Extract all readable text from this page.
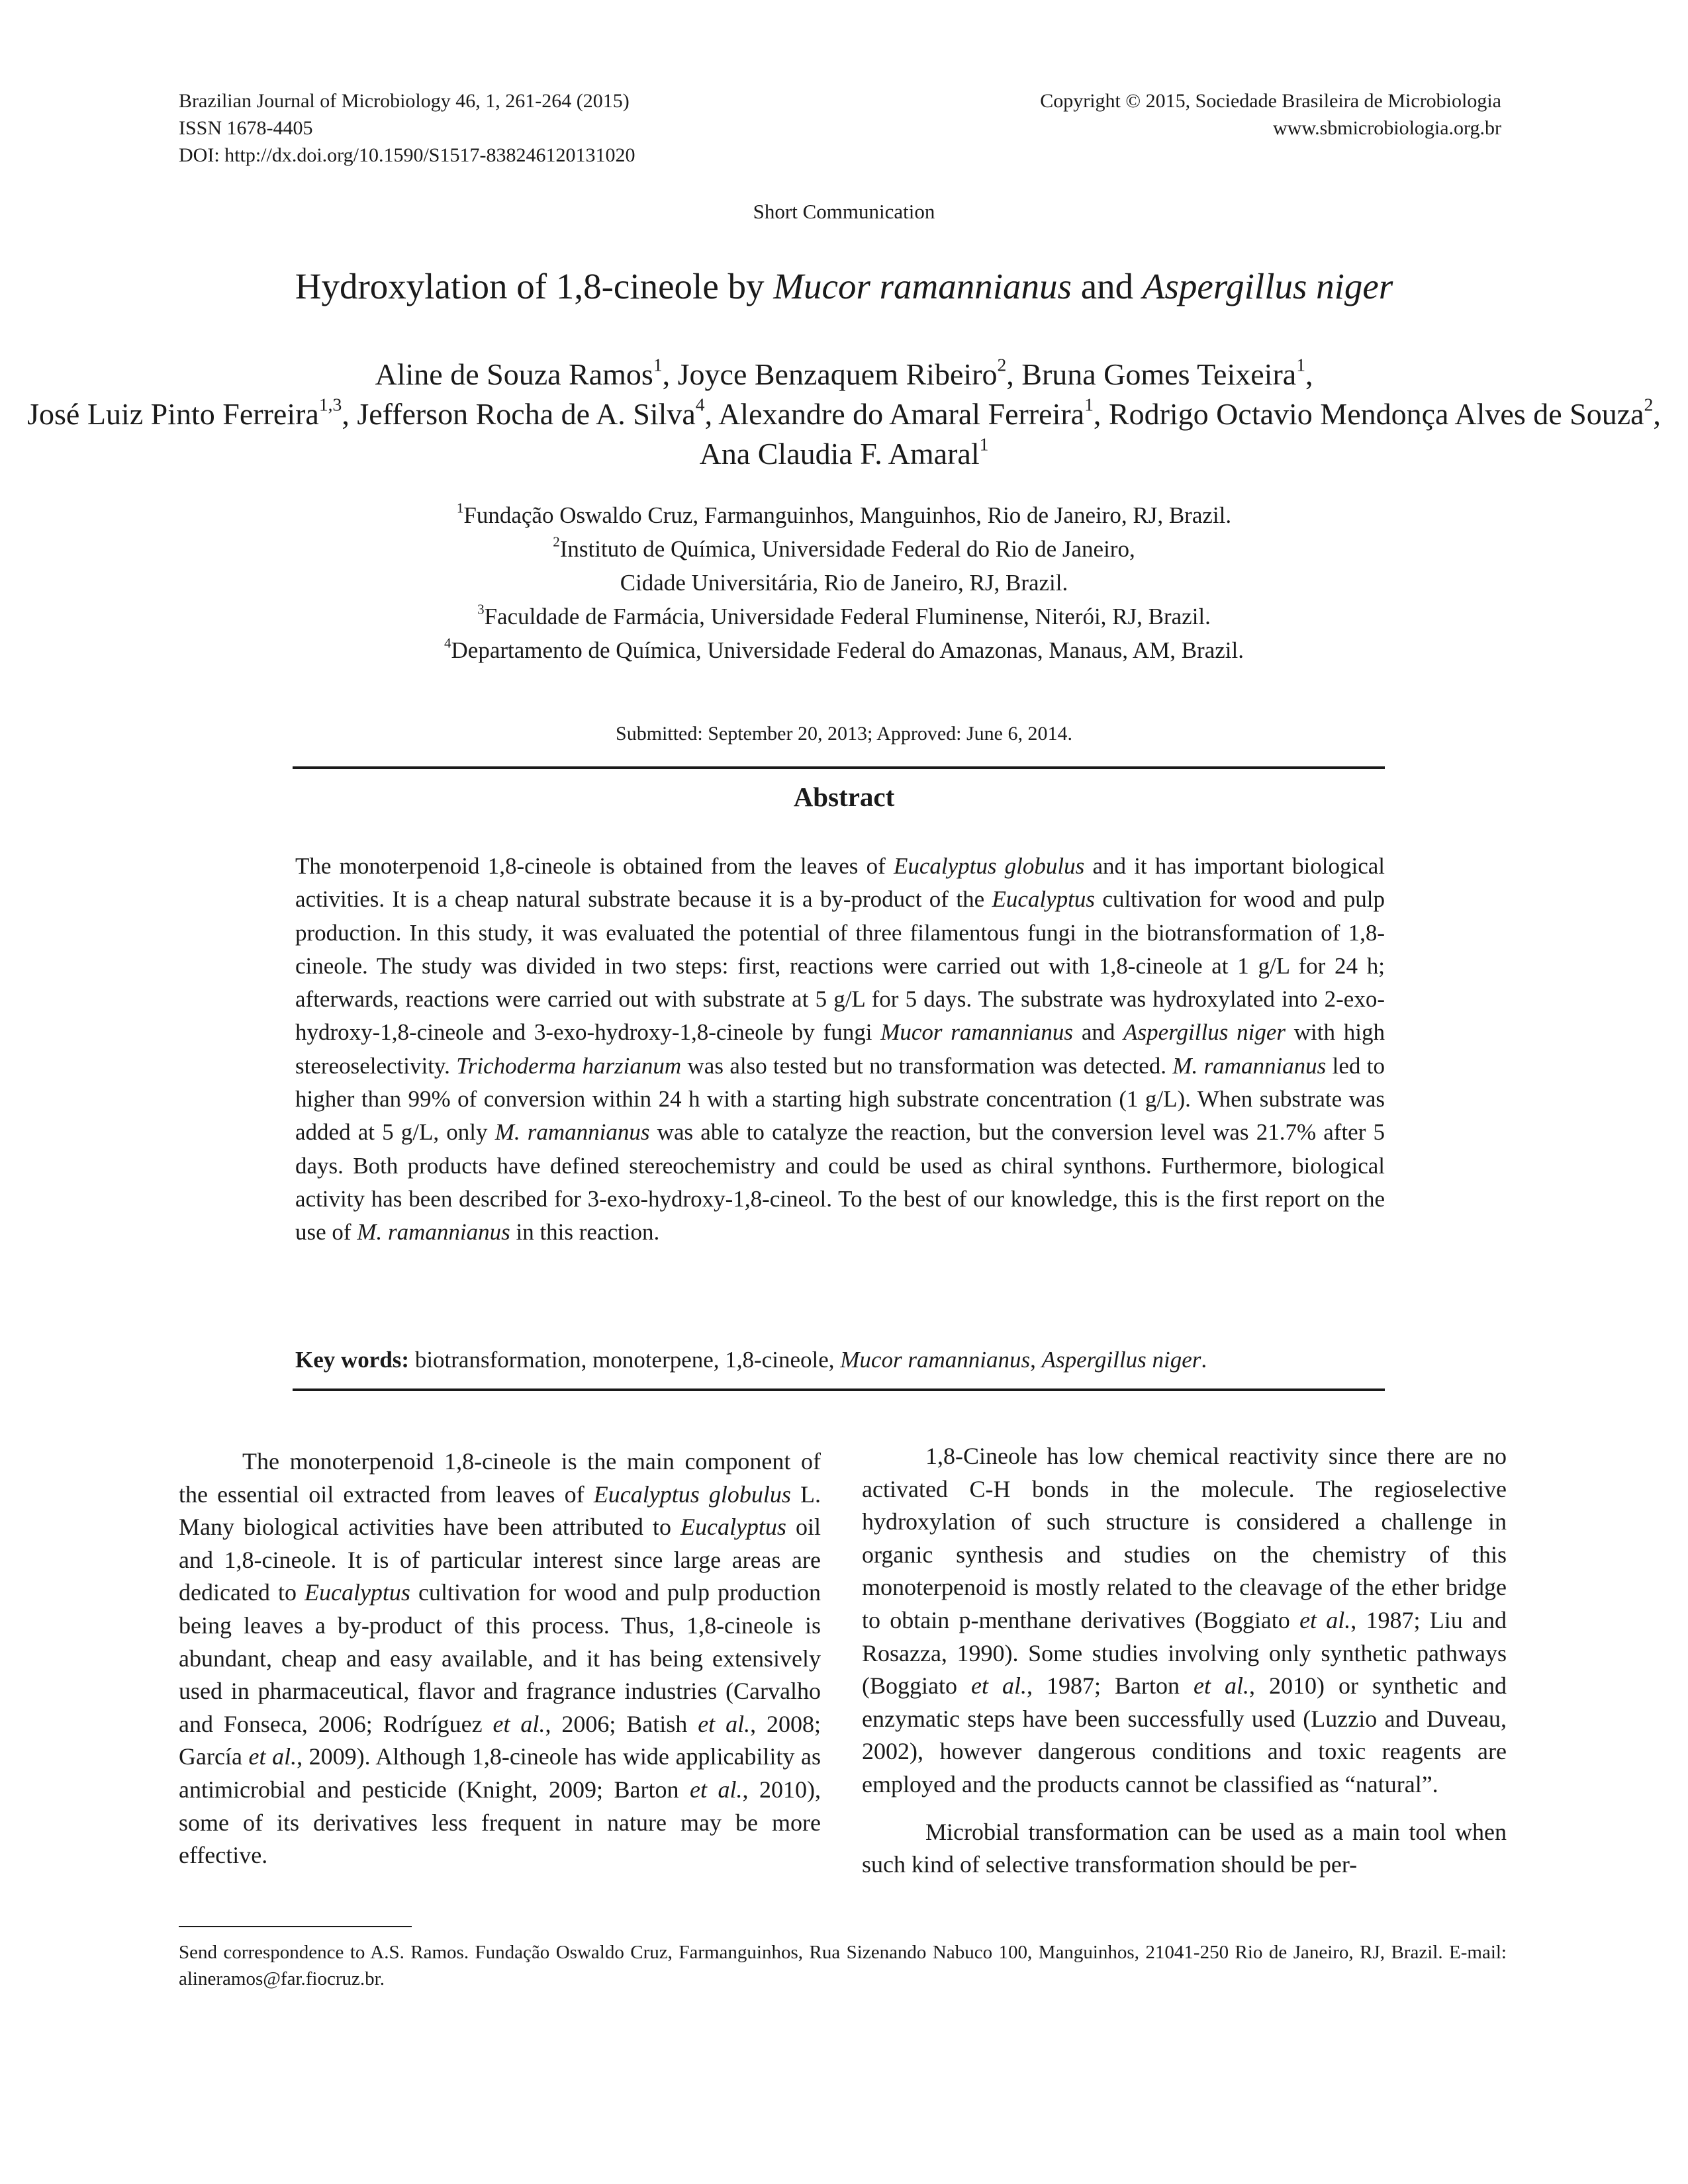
Brazilian Journal of Microbiology 46, 1, 261-264 (2015)
ISSN 1678-4405
DOI: http://dx.doi.org/10.1590/S1517-838246120131020
Copyright © 2015, Sociedade Brasileira de Microbiologia
www.sbmicrobiologia.org.br
Short Communication
Hydroxylation of 1,8-cineole by Mucor ramannianus and Aspergillus niger
Aline de Souza Ramos$^1$, Joyce Benzaquem Ribeiro$^2$, Bruna Gomes Teixeira$^1$,
José Luiz Pinto Ferreira$^{1,3}$, Jefferson Rocha de A. Silva$^4$, Alexandre do Amaral Ferreira$^1$, Rodrigo Octavio Mendonça Alves de Souza$^2$, Ana Claudia F. Amaral$^1$
$^1$Fundação Oswaldo Cruz, Farmanguinhos, Manguinhos, Rio de Janeiro, RJ, Brazil.
$^2$Instituto de Química, Universidade Federal do Rio de Janeiro,
Cidade Universitária, Rio de Janeiro, RJ, Brazil.
$^3$Faculdade de Farmácia, Universidade Federal Fluminense, Niterói, RJ, Brazil.
$^4$Departamento de Química, Universidade Federal do Amazonas, Manaus, AM, Brazil.
Submitted: September 20, 2013; Approved: June 6, 2014.
Abstract
The monoterpenoid 1,8-cineole is obtained from the leaves of Eucalyptus globulus and it has important biological activities. It is a cheap natural substrate because it is a by-product of the Eucalyptus cultivation for wood and pulp production. In this study, it was evaluated the potential of three filamentous fungi in the biotransformation of 1,8-cineole. The study was divided in two steps: first, reactions were carried out with 1,8-cineole at 1 g/L for 24 h; afterwards, reactions were carried out with substrate at 5 g/L for 5 days. The substrate was hydroxylated into 2-exo-hydroxy-1,8-cineole and 3-exo-hydroxy-1,8-cineole by fungi Mucor ramannianus and Aspergillus niger with high stereoselectivity. Trichoderma harzianum was also tested but no transformation was detected. M. ramannianus led to higher than 99% of conversion within 24 h with a starting high substrate concentration (1 g/L). When substrate was added at 5 g/L, only M. ramannianus was able to catalyze the reaction, but the conversion level was 21.7% after 5 days. Both products have defined stereochemistry and could be used as chiral synthons. Furthermore, biological activity has been described for 3-exo-hydroxy-1,8-cineol. To the best of our knowledge, this is the first report on the use of M. ramannianus in this reaction.
Key words: biotransformation, monoterpene, 1,8-cineole, Mucor ramannianus, Aspergillus niger.

The monoterpenoid 1,8-cineole is the main component of the essential oil extracted from leaves of Eucalyptus globulus L. Many biological activities have been attributed to Eucalyptus oil and 1,8-cineole. It is of particular interest since large areas are dedicated to Eucalyptus cultivation for wood and pulp production being leaves a by-product of this process. Thus, 1,8-cineole is abundant, cheap and easy available, and it has being extensively used in pharmaceutical, flavor and fragrance industries (Carvalho and Fonseca, 2006; Rodríguez et al., 2006; Batish et al., 2008; García et al., 2009). Although 1,8-cineole has wide applicability as antimicrobial and pesticide (Knight, 2009; Barton et al., 2010), some of its derivatives less frequent in nature may be more effective.

1,8-Cineole has low chemical reactivity since there are no activated C-H bonds in the molecule. The regioselective hydroxylation of such structure is considered a challenge in organic synthesis and studies on the chemistry of this monoterpenoid is mostly related to the cleavage of the ether bridge to obtain p-menthane derivatives (Boggiato et al., 1987; Liu and Rosazza, 1990). Some studies involving only synthetic pathways (Boggiato et al., 1987; Barton et al., 2010) or synthetic and enzymatic steps have been successfully used (Luzzio and Duveau, 2002), however dangerous conditions and toxic reagents are employed and the products cannot be classified as “natural”.

Microbial transformation can be used as a main tool when such kind of selective transformation should be per-

Send correspondence to A.S. Ramos. Fundação Oswaldo Cruz, Farmanguinhos, Rua Sizenando Nabuco 100, Manguinhos, 21041-250 Rio de Janeiro, RJ, Brazil. E-mail: alineramos@far.fiocruz.br.
